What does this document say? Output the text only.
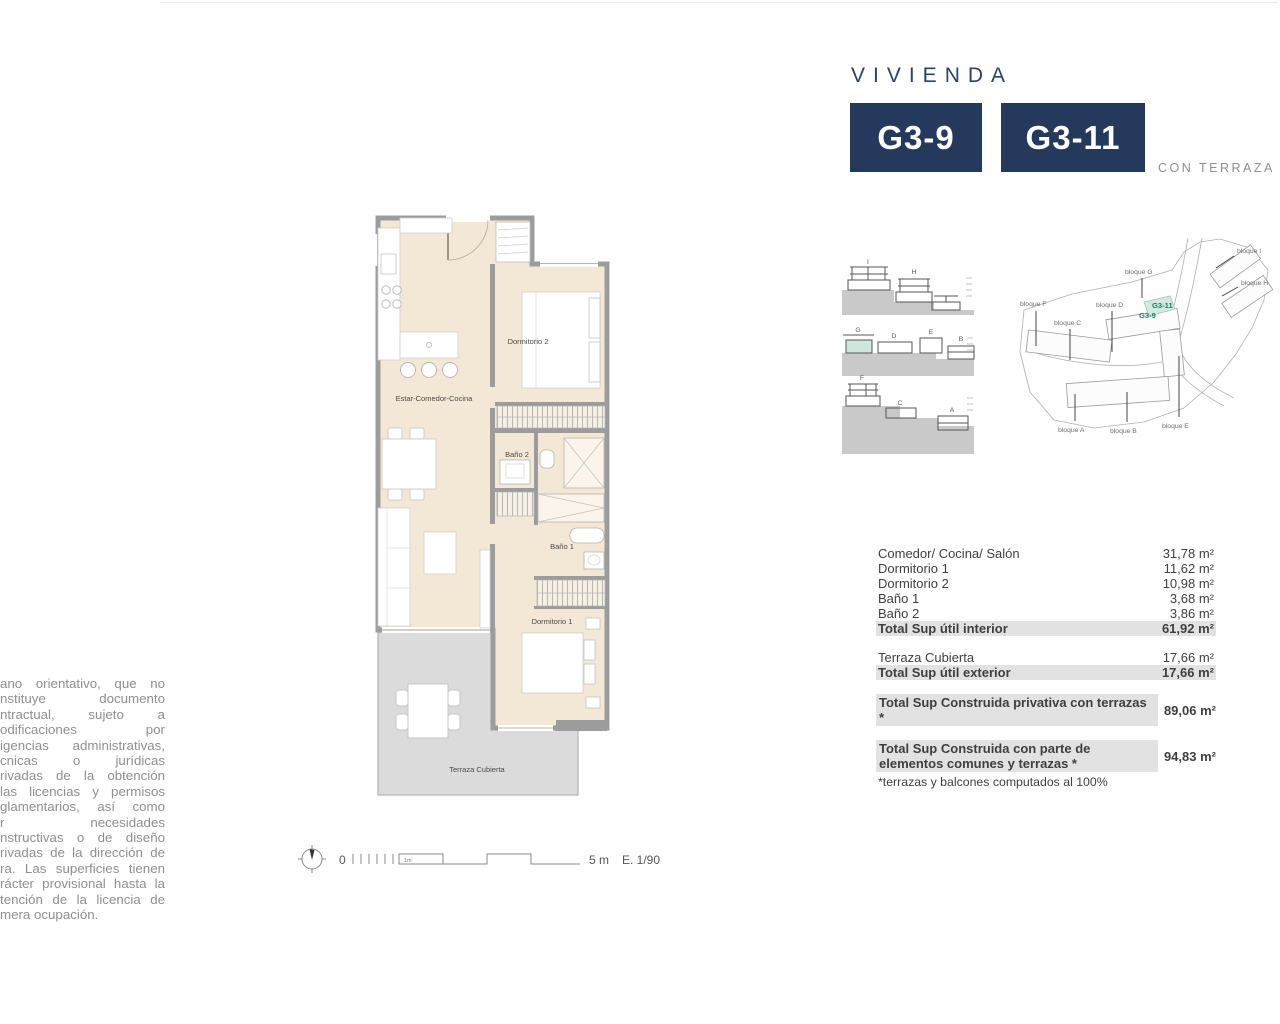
VIVIENDA
G3-9 G3-11
CON TERRAZA
Estar-Comedor-Cocina
Dormitorio 2
Baño 2
Baño 1
Dormitorio 1
Terraza Cubierta
I
H
G
D
E
B
F
C
A
bloque F
bloque C
bloque D
bloque G
bloque I
bloque H
bloque A	bloque B
bloque E
G3-11
G3-9
Comedor/ Cocina/ Salón	31,78 m²
Dormitorio 1	11,62 m²
Dormitorio 2	10,98 m²
Baño 1	3,68 m²
Baño 2	3,86 m²
Total Sup útil interior	61,92 m²
Terraza Cubierta	17,66 m²
Total Sup útil exterior	17,66 m²
Total Sup Construida privativa con terrazas *	89,06 m²
Total Sup Construida con parte de elementos comunes y terrazas *	94,83 m²
*terrazas y balcones computados al 100%
ano orientativo, que no
nstituye documento
ntractual, sujeto a
odificaciones por
igencias administrativas,
cnicas o jurídicas
rivadas de la obtención
las licencias y permisos
glamentarios, así como
r necesidades
nstructivas o de diseño
rivadas de la dirección de
ra. Las superficies tienen
rácter provisional hasta la
tención de la licencia de
mera ocupación.
0	1m	5 m E. 1/90
